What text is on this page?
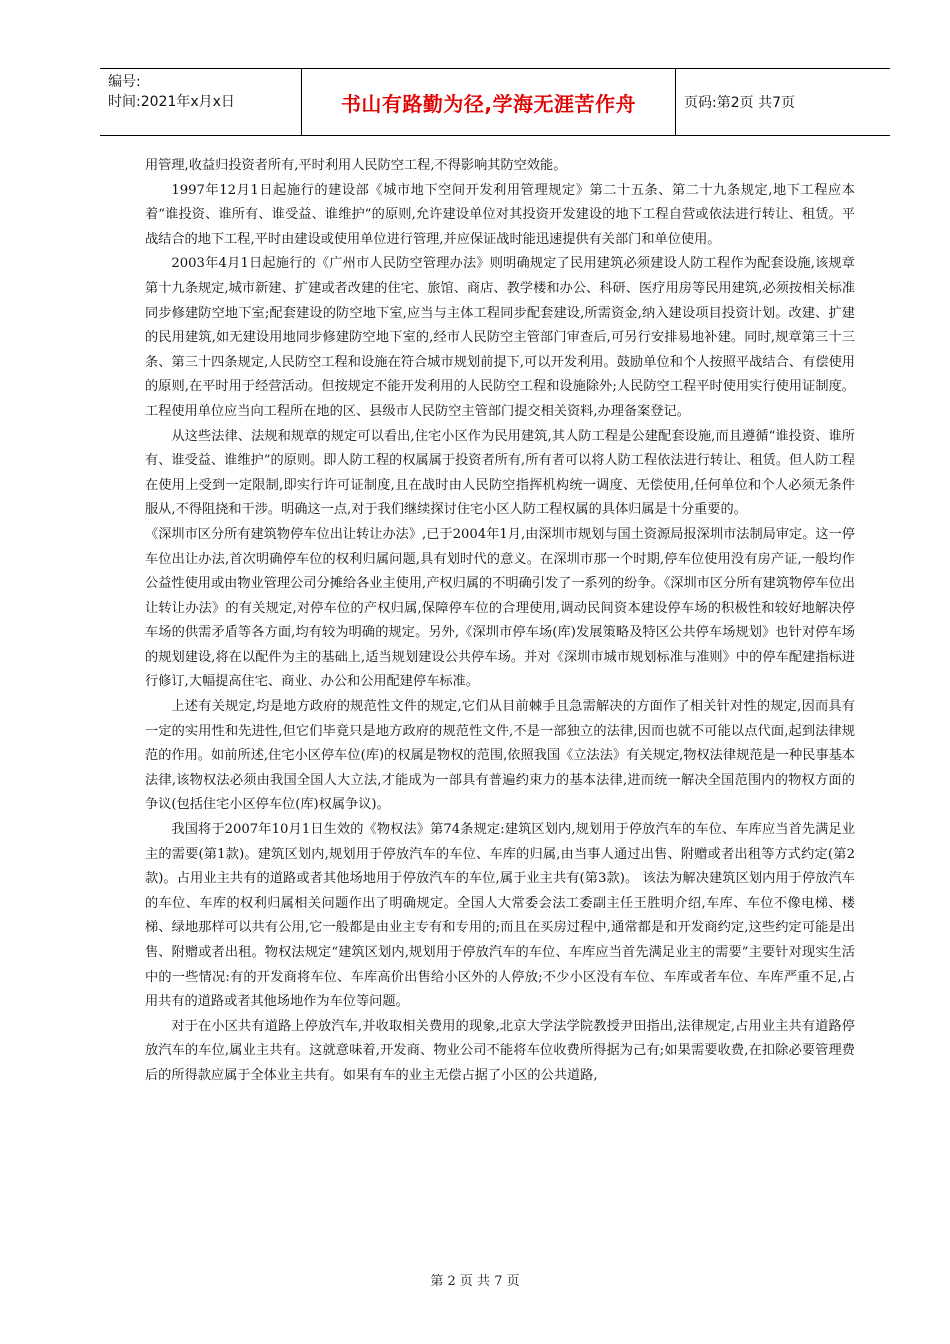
编号:
时间:2021年x月x日	书山有路勤为径,学海无涯苦作舟	页码:第2页 共7页

用管理,收益归投资者所有,平时利用人民防空工程,不得影响其防空效能。

1997年12月1日起施行的建设部《城市地下空间开发利用管理规定》第二十五条、第二十九条规定,地下工程应本着“谁投资、谁所有、谁受益、谁维护”的原则,允许建设单位对其投资开发建设的地下工程自营或依法进行转让、租赁。平战结合的地下工程,平时由建设或使用单位进行管理,并应保证战时能迅速提供有关部门和单位使用。

2003年4月1日起施行的《广州市人民防空管理办法》则明确规定了民用建筑必须建设人防工程作为配套设施,该规章第十九条规定,城市新建、扩建或者改建的住宅、旅馆、商店、教学楼和办公、科研、医疗用房等民用建筑,必须按相关标准同步修建防空地下室;配套建设的防空地下室,应当与主体工程同步配套建设,所需资金,纳入建设项目投资计划。改建、扩建的民用建筑,如无建设用地同步修建防空地下室的,经市人民防空主管部门审查后,可另行安排易地补建。同时,规章第三十三条、第三十四条规定,人民防空工程和设施在符合城市规划前提下,可以开发利用。鼓励单位和个人按照平战结合、有偿使用的原则,在平时用于经营活动。但按规定不能开发利用的人民防空工程和设施除外;人民防空工程平时使用实行使用证制度。工程使用单位应当向工程所在地的区、县级市人民防空主管部门提交相关资料,办理备案登记。

从这些法律、法规和规章的规定可以看出,住宅小区作为民用建筑,其人防工程是公建配套设施,而且遵循“谁投资、谁所有、谁受益、谁维护”的原则。即人防工程的权属属于投资者所有,所有者可以将人防工程依法进行转让、租赁。但人防工程在使用上受到一定限制,即实行许可证制度,且在战时由人民防空指挥机构统一调度、无偿使用,任何单位和个人必须无条件服从,不得阻挠和干涉。明确这一点,对于我们继续探讨住宅小区人防工程权属的具体归属是十分重要的。

《深圳市区分所有建筑物停车位出让转让办法》,已于2004年1月,由深圳市规划与国土资源局报深圳市法制局审定。这一停车位出让办法,首次明确停车位的权利归属问题,具有划时代的意义。在深圳市那一个时期,停车位使用没有房产证,一般均作公益性使用或由物业管理公司分摊给各业主使用,产权归属的不明确引发了一系列的纷争。《深圳市区分所有建筑物停车位出让转让办法》的有关规定,对停车位的产权归属,保障停车位的合理使用,调动民间资本建设停车场的积极性和较好地解决停车场的供需矛盾等各方面,均有较为明确的规定。另外,《深圳市停车场(库)发展策略及特区公共停车场规划》也针对停车场的规划建设,将在以配件为主的基础上,适当规划建设公共停车场。并对《深圳市城市规划标准与准则》中的停车配建指标进行修订,大幅提高住宅、商业、办公和公用配建停车标准。

上述有关规定,均是地方政府的规范性文件的规定,它们从目前棘手且急需解决的方面作了相关针对性的规定,因而具有一定的实用性和先进性,但它们毕竟只是地方政府的规范性文件,不是一部独立的法律,因而也就不可能以点代面,起到法律规范的作用。如前所述,住宅小区停车位(库)的权属是物权的范围,依照我国《立法法》有关规定,物权法律规范是一种民事基本法律,该物权法必须由我国全国人大立法,才能成为一部具有普遍约束力的基本法律,进而统一解决全国范围内的物权方面的争议(包括住宅小区停车位(库)权属争议)。

我国将于2007年10月1日生效的《物权法》第74条规定:建筑区划内,规划用于停放汽车的车位、车库应当首先满足业主的需要(第1款)。建筑区划内,规划用于停放汽车的车位、车库的归属,由当事人通过出售、附赠或者出租等方式约定(第2款)。占用业主共有的道路或者其他场地用于停放汽车的车位,属于业主共有(第3款)。 该法为解决建筑区划内用于停放汽车的车位、车库的权利归属相关问题作出了明确规定。全国人大常委会法工委副主任王胜明介绍,车库、车位不像电梯、楼梯、绿地那样可以共有公用,它一般都是由业主专有和专用的;而且在买房过程中,通常都是和开发商约定,这些约定可能是出售、附赠或者出租。物权法规定“建筑区划内,规划用于停放汽车的车位、车库应当首先满足业主的需要”主要针对现实生活中的一些情况:有的开发商将车位、车库高价出售给小区外的人停放;不少小区没有车位、车库或者车位、车库严重不足,占用共有的道路或者其他场地作为车位等问题。

对于在小区共有道路上停放汽车,并收取相关费用的现象,北京大学法学院教授尹田指出,法律规定,占用业主共有道路停放汽车的车位,属业主共有。这就意味着,开发商、物业公司不能将车位收费所得据为己有;如果需要收费,在扣除必要管理费后的所得款应属于全体业主共有。如果有车的业主无偿占据了小区的公共道路,

第 2 页 共 7 页
